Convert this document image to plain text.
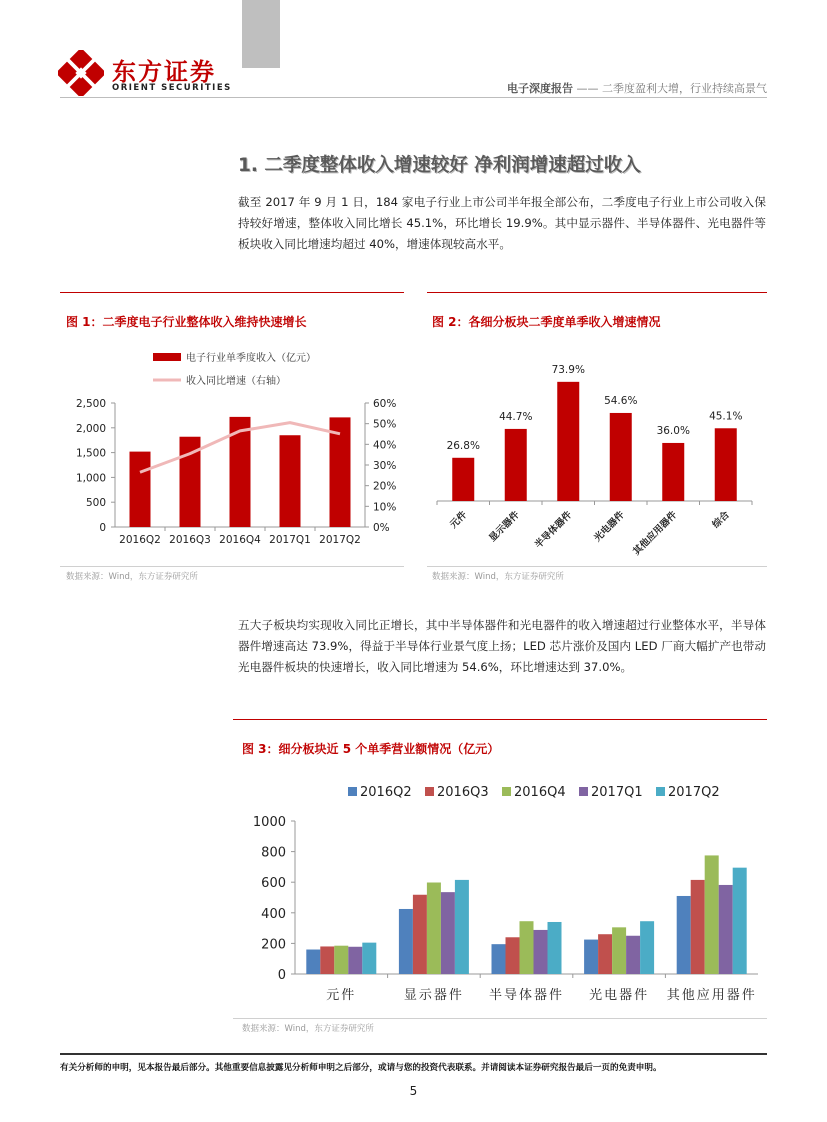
东方证券
ORIENT SECURITIES	电子深度报告 —— 二季度盈利大增，行业持续高景气
1. 二季度整体收入增速较好 净利润增速超过收入
截至 2017 年 9 月 1 日，184 家电子行业上市公司半年报全部公布，二季度电子行业上市公司收入保持较好增速，整体收入同比增长 45.1%，环比增长 19.9%。其中显示器件、半导体器件、光电器件等板块收入同比增速均超过 40%，增速体现较高水平。
图 1：二季度电子行业整体收入维持快速增长	图 2：各细分板块二季度单季收入增速情况
电子行业单季度收入（亿元）
收入同比增速（右轴）
0
500
1,000
1,500
2,000
2,500
0%
10%
20%
30%
40%
50%
60%
2016Q2 2016Q3 2016Q4 2017Q1 2017Q2
数据来源：Wind，东方证券研究所
26.8%
元件
44.7%
显示器件
73.9%
半导体器件
54.6%
光电器件
36.0%
其他应用器件
45.1%
综合
数据来源：Wind，东方证券研究所
五大子板块均实现收入同比正增长，其中半导体器件和光电器件的收入增速超过行业整体水平，半导体器件增速高达 73.9%，得益于半导体行业景气度上扬；LED 芯片涨价及国内 LED 厂商大幅扩产也带动光电器件板块的快速增长，收入同比增速为 54.6%，环比增速达到 37.0%。
图 3：细分板块近 5 个单季营业额情况（亿元）
2016Q2 2016Q3 2016Q4 2017Q1 2017Q2
0
200
400
600
800
1000
元件	显示器件 半导体器件 光电器件 其他应用器件
数据来源：Wind，东方证券研究所
有关分析师的申明，见本报告最后部分。其他重要信息披露见分析师申明之后部分，或请与您的投资代表联系。并请阅读本证券研究报告最后一页的免责申明。
5
